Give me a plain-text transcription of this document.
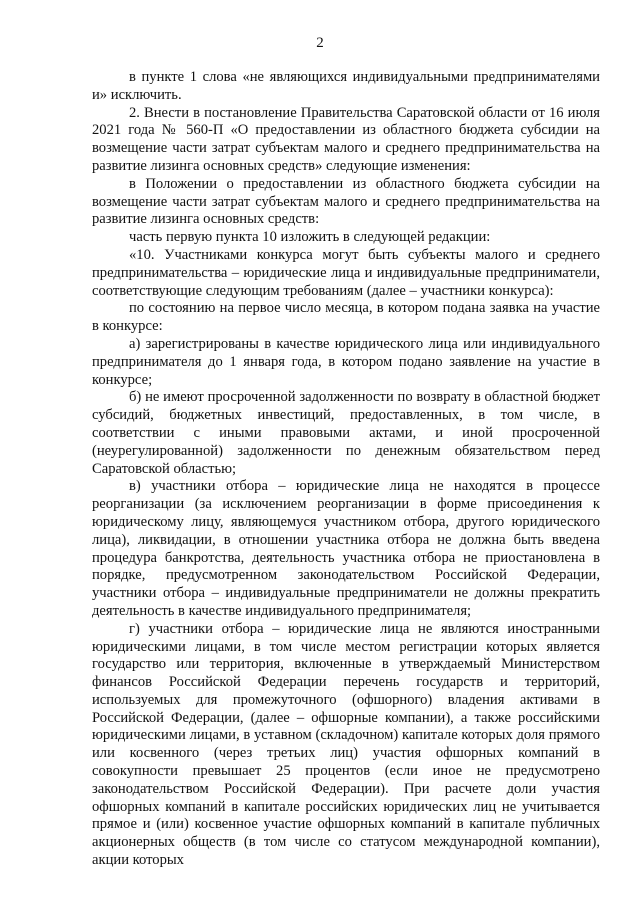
2

в пункте 1 слова «не являющихся индивидуальными предпринимателями и» исключить.

2. Внести в постановление Правительства Саратовской области от 16 июля 2021 года № 560-П «О предоставлении из областного бюджета субсидии на возмещение части затрат субъектам малого и среднего предпринимательства на развитие лизинга основных средств» следующие изменения:

в Положении о предоставлении из областного бюджета субсидии на возмещение части затрат субъектам малого и среднего предпринимательства на развитие лизинга основных средств:

часть первую пункта 10 изложить в следующей редакции:

«10. Участниками конкурса могут быть субъекты малого и среднего предпринимательства – юридические лица и индивидуальные предприниматели, соответствующие следующим требованиям (далее – участники конкурса):

по состоянию на первое число месяца, в котором подана заявка на участие в конкурсе:

а) зарегистрированы в качестве юридического лица или индивидуального предпринимателя до 1 января года, в котором подано заявление на участие в конкурсе;

б) не имеют просроченной задолженности по возврату в областной бюджет субсидий, бюджетных инвестиций, предоставленных, в том числе, в соответствии с иными правовыми актами, и иной просроченной (неурегулированной) задолженности по денежным обязательством перед Саратовской областью;

в) участники отбора – юридические лица не находятся в процессе реорганизации (за исключением реорганизации в форме присоединения к юридическому лицу, являющемуся участником отбора, другого юридического лица), ликвидации, в отношении участника отбора не должна быть введена процедура банкротства, деятельность участника отбора не приостановлена в порядке, предусмотренном законодательством Российской Федерации, участники отбора – индивидуальные предприниматели не должны прекратить деятельность в качестве индивидуального предпринимателя;

г) участники отбора – юридические лица не являются иностранными юридическими лицами, в том числе местом регистрации которых является государство или территория, включенные в утверждаемый Министерством финансов Российской Федерации перечень государств и территорий, используемых для промежуточного (офшорного) владения активами в Российской Федерации, (далее – офшорные компании), а также российскими юридическими лицами, в уставном (складочном) капитале которых доля прямого или косвенного (через третьих лиц) участия офшорных компаний в совокупности превышает 25 процентов (если иное не предусмотрено законодательством Российской Федерации). При расчете доли участия офшорных компаний в капитале российских юридических лиц не учитывается прямое и (или) косвенное участие офшорных компаний в капитале публичных акционерных обществ (в том числе со статусом международной компании), акции которых
